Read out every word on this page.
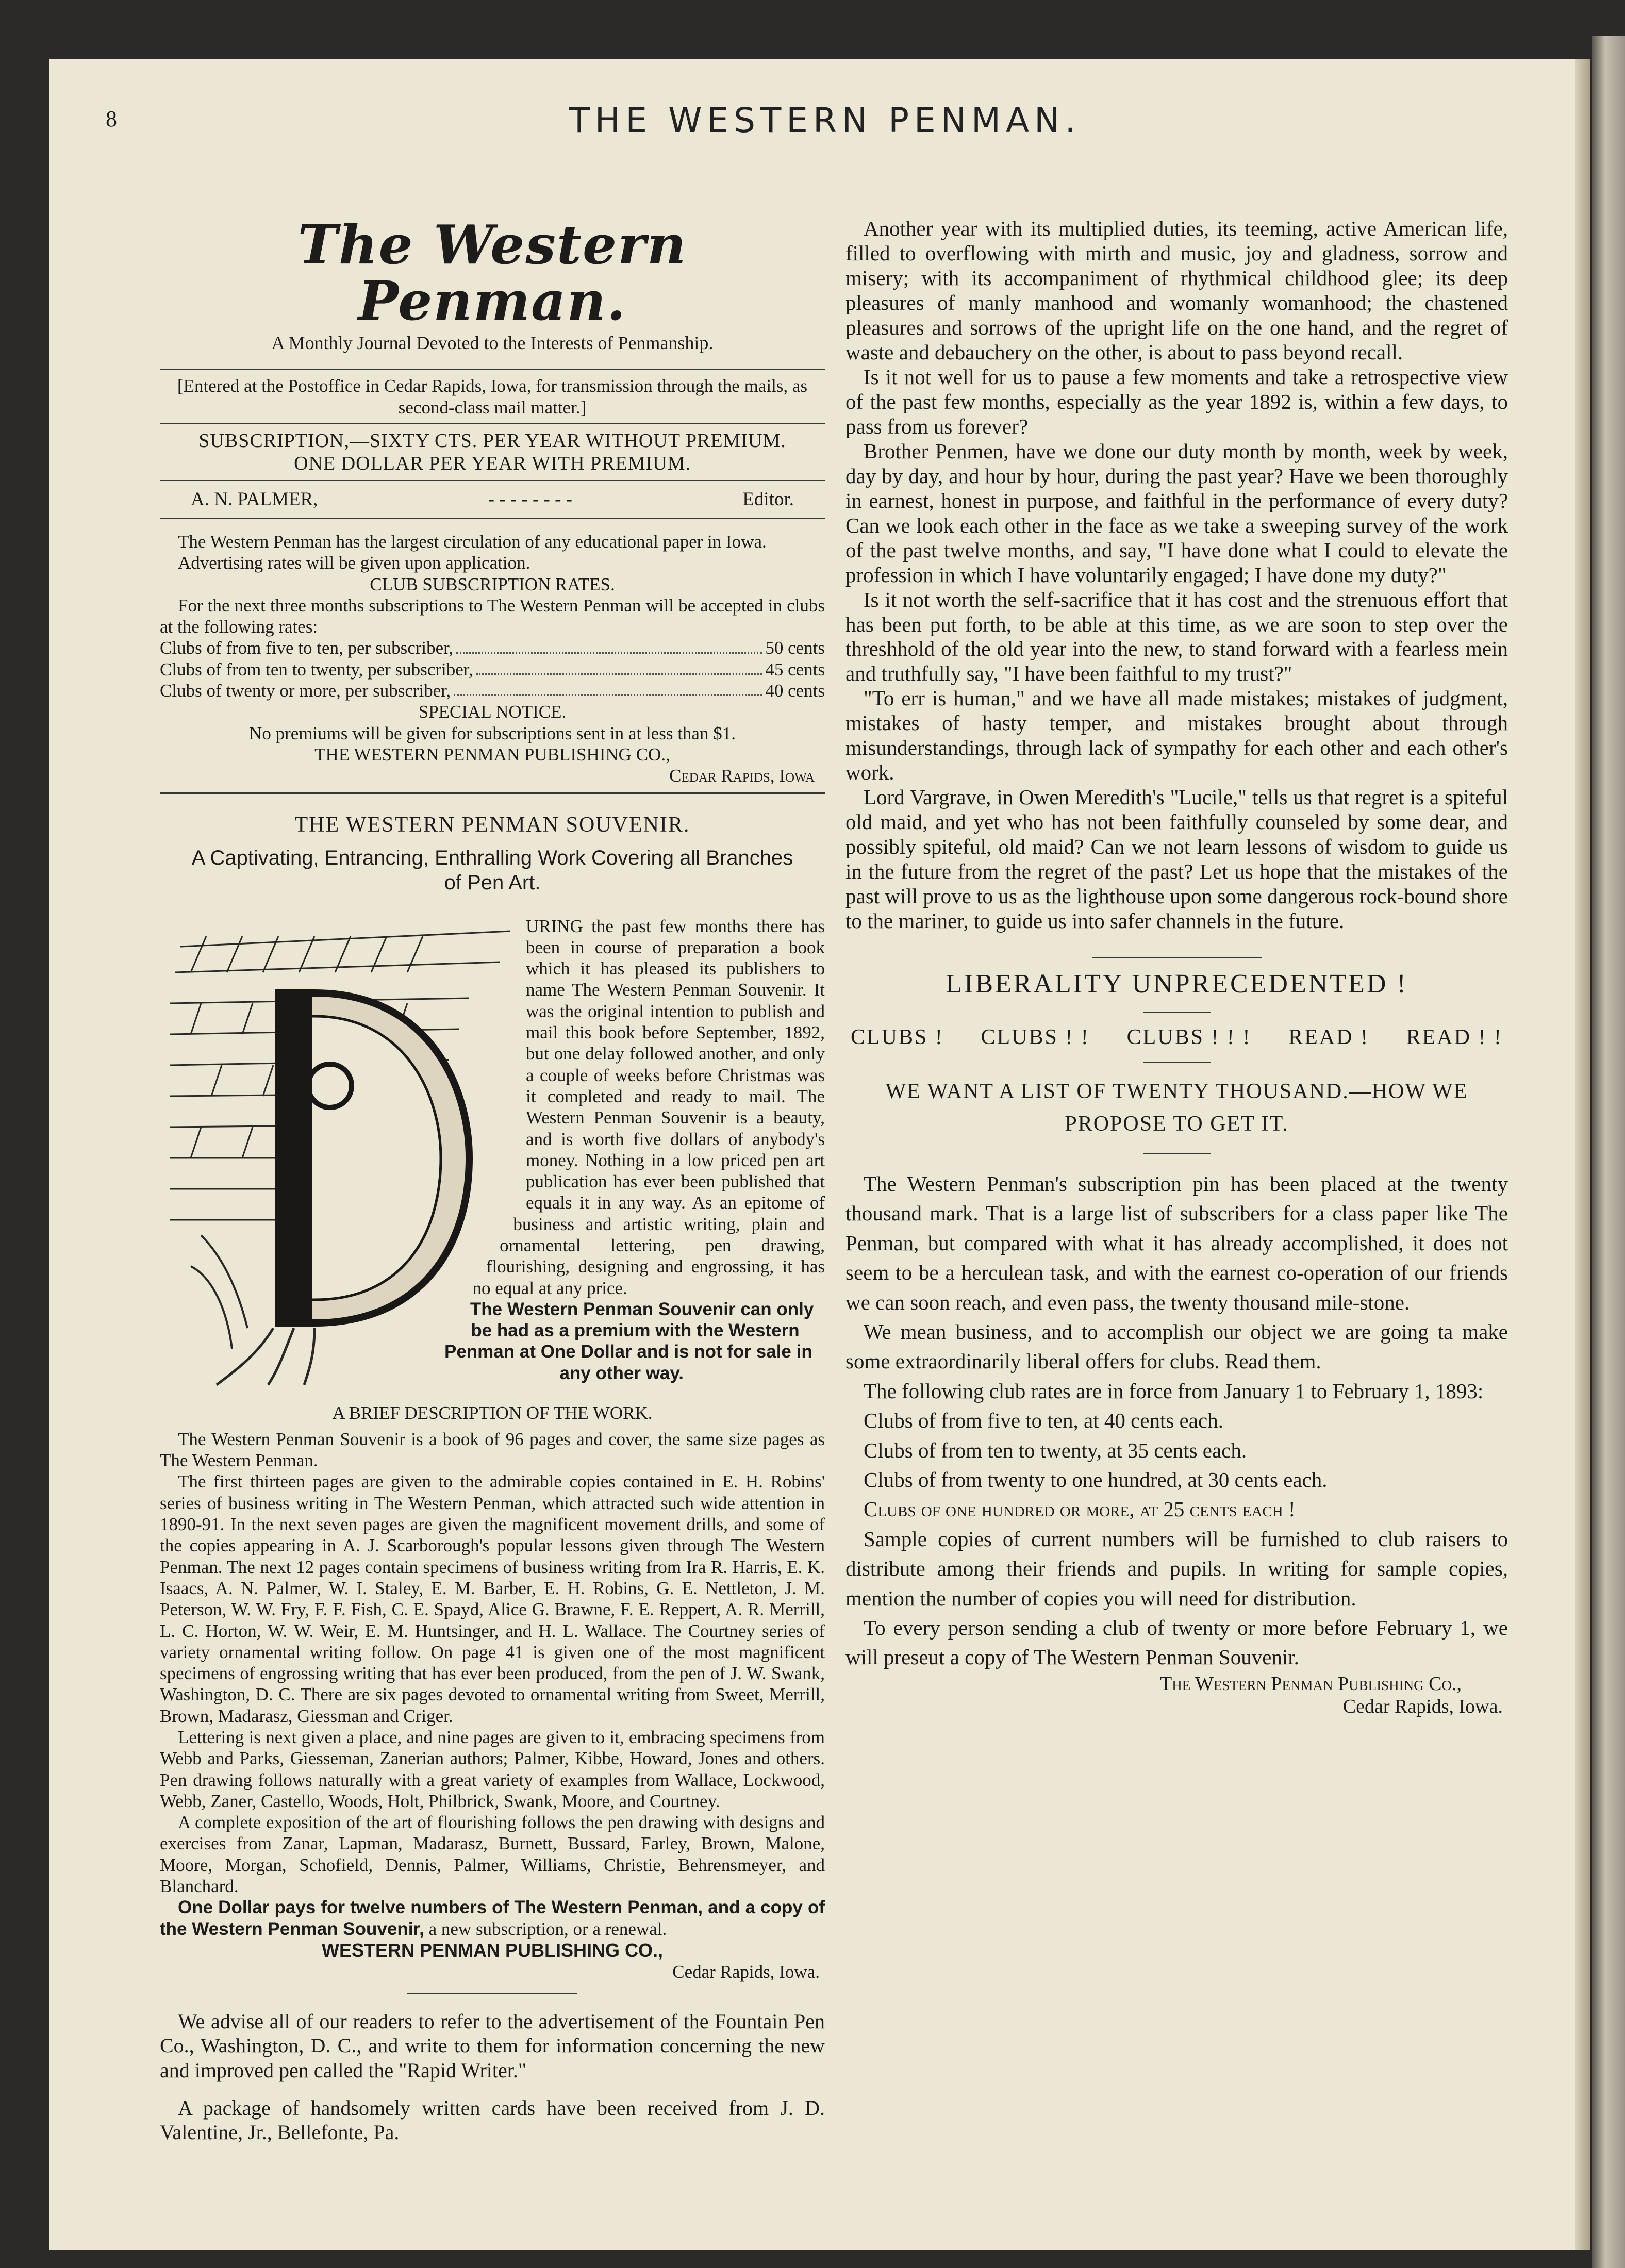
8	THE WESTERN PENMAN.
The Western Penman.
A Monthly Journal Devoted to the Interests of Penmanship.

[Entered at the Postoffice in Cedar Rapids, Iowa, for transmission through the mails, as second-class mail matter.]

SUBSCRIPTION,—SIXTY CTS. PER YEAR WITHOUT PREMIUM.

ONE DOLLAR PER YEAR WITH PREMIUM.

A. N. PALMER,	- - - - - - - -	Editor.

The Western Penman has the largest circulation of any educational paper in Iowa.

Advertising rates will be given upon application.

CLUB SUBSCRIPTION RATES.

For the next three months subscriptions to The Western Penman will be accepted in clubs at the following rates:

Clubs of from five to ten, per subscriber,	50 cents
Clubs of from ten to twenty, per subscriber,	45 cents
Clubs of twenty or more, per subscriber,	40 cents

SPECIAL NOTICE.

No premiums will be given for subscriptions sent in at less than $1.

THE WESTERN PENMAN PUBLISHING CO.,

Cedar Rapids, Iowa

THE WESTERN PENMAN SOUVENIR.
A Captivating, Entrancing, Enthralling Work Covering all Branches of Pen Art.

URING the past few months there has been in course of preparation a book which it has pleased its publishers to name The Western Penman Souvenir. It was the original intention to publish and mail this book before September, 1892, but one delay followed another, and only a couple of weeks before Christmas was it completed and ready to mail. The Western Penman Souvenir is a beauty, and is worth five dollars of anybody's money. Nothing in a low priced pen art publication has ever been published that equals it in any way. As an epitome of business and artistic writing, plain and ornamental lettering, pen drawing, flourishing, designing and engrossing, it has no equal at any price.

The Western Penman Souvenir can only be had as a premium with the Western Penman at One Dollar and is not for sale in any other way.

A BRIEF DESCRIPTION OF THE WORK.

The Western Penman Souvenir is a book of 96 pages and cover, the same size pages as The Western Penman.

The first thirteen pages are given to the admirable copies contained in E. H. Robins' series of business writing in The Western Penman, which attracted such wide attention in 1890-91. In the next seven pages are given the magnificent movement drills, and some of the copies appearing in A. J. Scarborough's popular lessons given through The Western Penman. The next 12 pages contain specimens of business writing from Ira R. Harris, E. K. Isaacs, A. N. Palmer, W. I. Staley, E. M. Barber, E. H. Robins, G. E. Nettleton, J. M. Peterson, W. W. Fry, F. F. Fish, C. E. Spayd, Alice G. Brawne, F. E. Reppert, A. R. Merrill, L. C. Horton, W. W. Weir, E. M. Huntsinger, and H. L. Wallace. The Courtney series of variety ornamental writing follow. On page 41 is given one of the most magnificent specimens of engrossing writing that has ever been produced, from the pen of J. W. Swank, Washington, D. C. There are six pages devoted to ornamental writing from Sweet, Merrill, Brown, Madarasz, Giessman and Criger.

Lettering is next given a place, and nine pages are given to it, embracing specimens from Webb and Parks, Giesseman, Zanerian authors; Palmer, Kibbe, Howard, Jones and others. Pen drawing follows naturally with a great variety of examples from Wallace, Lockwood, Webb, Zaner, Castello, Woods, Holt, Philbrick, Swank, Moore, and Courtney.

A complete exposition of the art of flourishing follows the pen drawing with designs and exercises from Zanar, Lapman, Madarasz, Burnett, Bussard, Farley, Brown, Malone, Moore, Morgan, Schofield, Dennis, Palmer, Williams, Christie, Behrensmeyer, and Blanchard.

One Dollar pays for twelve numbers of The Western Penman, and a copy of the Western Penman Souvenir, a new subscription, or a renewal.

WESTERN PENMAN PUBLISHING CO.,

Cedar Rapids, Iowa.

We advise all of our readers to refer to the advertisement of the Fountain Pen Co., Washington, D. C., and write to them for information concerning the new and improved pen called the "Rapid Writer."

A package of handsomely written cards have been received from J. D. Valentine, Jr., Bellefonte, Pa.

Another year with its multiplied duties, its teeming, active American life, filled to overflowing with mirth and music, joy and gladness, sorrow and misery; with its accompaniment of rhythmical childhood glee; its deep pleasures of manly manhood and womanly womanhood; the chastened pleasures and sorrows of the upright life on the one hand, and the regret of waste and debauchery on the other, is about to pass beyond recall.

Is it not well for us to pause a few moments and take a retrospective view of the past few months, especially as the year 1892 is, within a few days, to pass from us forever?

Brother Penmen, have we done our duty month by month, week by week, day by day, and hour by hour, during the past year? Have we been thoroughly in earnest, honest in purpose, and faithful in the performance of every duty? Can we look each other in the face as we take a sweeping survey of the work of the past twelve months, and say, "I have done what I could to elevate the profession in which I have voluntarily engaged; I have done my duty?"

Is it not worth the self-sacrifice that it has cost and the strenuous effort that has been put forth, to be able at this time, as we are soon to step over the threshhold of the old year into the new, to stand forward with a fearless mein and truthfully say, "I have been faithful to my trust?"

"To err is human," and we have all made mistakes; mistakes of judgment, mistakes of hasty temper, and mistakes brought about through misunderstandings, through lack of sympathy for each other and each other's work.

Lord Vargrave, in Owen Meredith's "Lucile," tells us that regret is a spiteful old maid, and yet who has not been faithfully counseled by some dear, and possibly spiteful, old maid? Can we not learn lessons of wisdom to guide us in the future from the regret of the past? Let us hope that the mistakes of the past will prove to us as the lighthouse upon some dangerous rock-bound shore to the mariner, to guide us into safer channels in the future.

LIBERALITY UNPRECEDENTED !
CLUBS ! CLUBS ! ! CLUBS ! ! ! READ ! READ ! !
WE WANT A LIST OF TWENTY THOUSAND.—HOW WE PROPOSE TO GET IT.

The Western Penman's subscription pin has been placed at the twenty thousand mark. That is a large list of subscribers for a class paper like The Penman, but compared with what it has already accomplished, it does not seem to be a herculean task, and with the earnest co-operation of our friends we can soon reach, and even pass, the twenty thousand mile-stone.

We mean business, and to accomplish our object we are going ta make some extraordinarily liberal offers for clubs. Read them.

The following club rates are in force from January 1 to February 1, 1893:

Clubs of from five to ten, at 40 cents each.

Clubs of from ten to twenty, at 35 cents each.

Clubs of from twenty to one hundred, at 30 cents each.

Clubs of one hundred or more, at 25 cents each !

Sample copies of current numbers will be furnished to club raisers to distribute among their friends and pupils. In writing for sample copies, mention the number of copies you will need for distribution.

To every person sending a club of twenty or more before February 1, we will preseut a copy of The Western Penman Souvenir.

The Western Penman Publishing Co.,

Cedar Rapids, Iowa.
